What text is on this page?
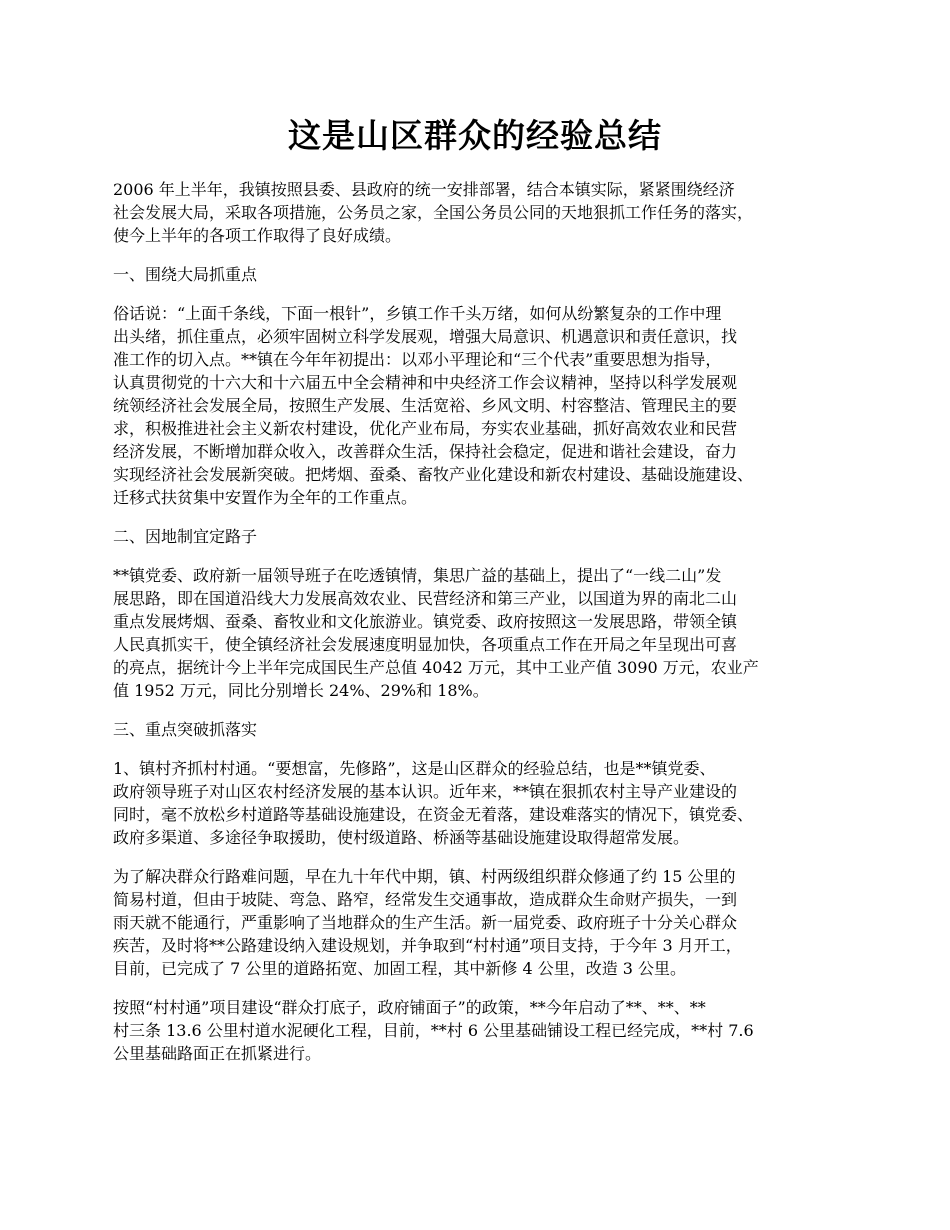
这是山区群众的经验总结
2006 年上半年，我镇按照县委、县政府的统一安排部署，结合本镇实际，紧紧围绕经济
社会发展大局，采取各项措施，公务员之家，全国公务员公同的天地狠抓工作任务的落实，
使今上半年的各项工作取得了良好成绩。
一、围绕大局抓重点
俗话说：“上面千条线，下面一根针”，乡镇工作千头万绪，如何从纷繁复杂的工作中理
出头绪，抓住重点，必须牢固树立科学发展观，增强大局意识、机遇意识和责任意识，找
准工作的切入点。**镇在今年年初提出：以邓小平理论和“三个代表”重要思想为指导，
认真贯彻党的十六大和十六届五中全会精神和中央经济工作会议精神，坚持以科学发展观
统领经济社会发展全局，按照生产发展、生活宽裕、乡风文明、村容整洁、管理民主的要
求，积极推进社会主义新农村建设，优化产业布局，夯实农业基础，抓好高效农业和民营
经济发展，不断增加群众收入，改善群众生活，保持社会稳定，促进和谐社会建设，奋力
实现经济社会发展新突破。把烤烟、蚕桑、畜牧产业化建设和新农村建设、基础设施建设、
迁移式扶贫集中安置作为全年的工作重点。
二、因地制宜定路子
**镇党委、政府新一届领导班子在吃透镇情，集思广益的基础上，提出了“一线二山”发
展思路，即在国道沿线大力发展高效农业、民营经济和第三产业，以国道为界的南北二山
重点发展烤烟、蚕桑、畜牧业和文化旅游业。镇党委、政府按照这一发展思路，带领全镇
人民真抓实干，使全镇经济社会发展速度明显加快，各项重点工作在开局之年呈现出可喜
的亮点，据统计今上半年完成国民生产总值 4042 万元，其中工业产值 3090 万元，农业产
值 1952 万元，同比分别增长 24%、29%和 18%。
三、重点突破抓落实
1、镇村齐抓村村通。“要想富，先修路”，这是山区群众的经验总结，也是**镇党委、
政府领导班子对山区农村经济发展的基本认识。近年来，**镇在狠抓农村主导产业建设的
同时，毫不放松乡村道路等基础设施建设，在资金无着落，建设难落实的情况下，镇党委、
政府多渠道、多途径争取援助，使村级道路、桥涵等基础设施建设取得超常发展。
为了解决群众行路难问题，早在九十年代中期，镇、村两级组织群众修通了约 15 公里的
简易村道，但由于坡陡、弯急、路窄，经常发生交通事故，造成群众生命财产损失，一到
雨天就不能通行，严重影响了当地群众的生产生活。新一届党委、政府班子十分关心群众
疾苦，及时将**公路建设纳入建设规划，并争取到“村村通”项目支持，于今年 3 月开工，
目前，已完成了 7 公里的道路拓宽、加固工程，其中新修 4 公里，改造 3 公里。
按照“村村通”项目建设“群众打底子，政府铺面子”的政策，**今年启动了**、**、**
村三条 13.6 公里村道水泥硬化工程，目前，**村 6 公里基础铺设工程已经完成，**村 7.6
公里基础路面正在抓紧进行。
